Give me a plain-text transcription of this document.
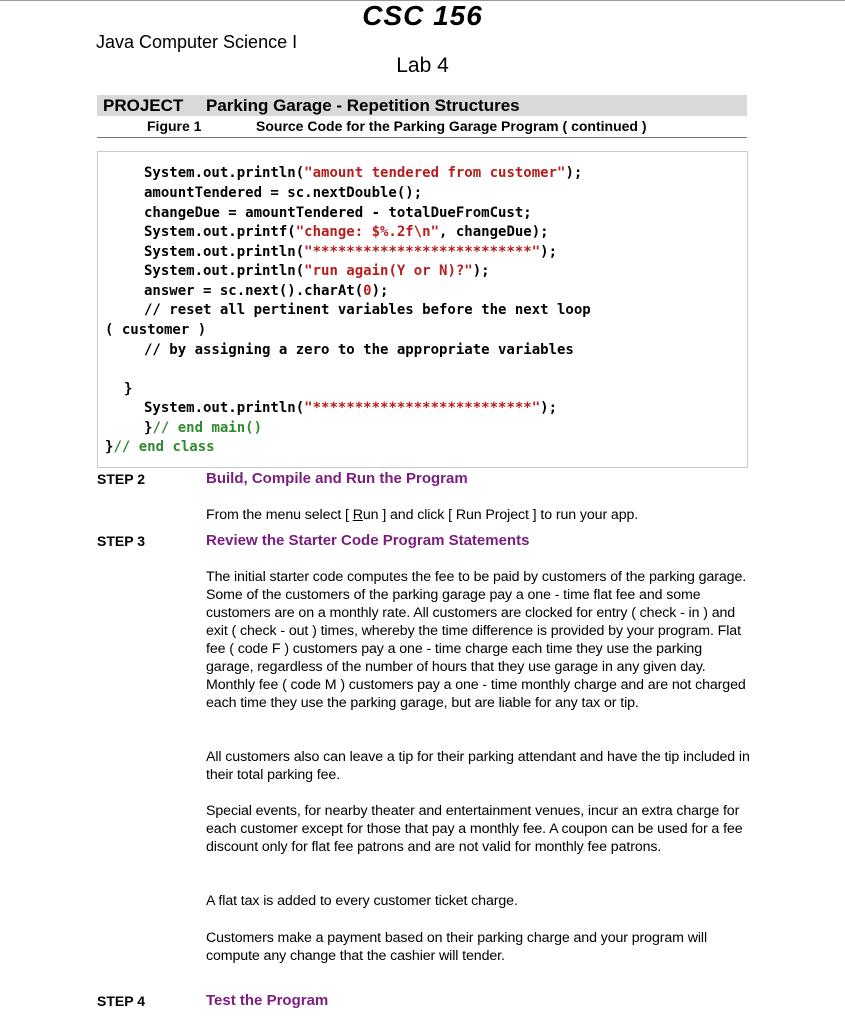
CSC 156
Java Computer Science I
Lab 4
PROJECT Parking Garage - Repetition Structures
Figure 1	Source Code for the Parking Garage Program ( continued )
System.out.println("amount tendered from customer");
amountTendered = sc.nextDouble();
changeDue = amountTendered - totalDueFromCust;
System.out.printf("change: $%.2f\n", changeDue);
System.out.println("**************************");
System.out.println("run again(Y or N)?");
answer = sc.next().charAt(0);
// reset all pertinent variables before the next loop
( customer )
// by assigning a zero to the appropriate variables
}
System.out.println("**************************");
}// end main()
}// end class
STEP 2	Build, Compile and Run the Program

From the menu select [ Run ] and click [ Run Project ] to run your app.

STEP 3	Review the Starter Code Program Statements

The initial starter code computes the fee to be paid by customers of the parking garage. Some of the customers of the parking garage pay a one - time flat fee and some customers are on a monthly rate. All customers are clocked for entry ( check - in ) and exit ( check - out ) times, whereby the time difference is provided by your program. Flat fee ( code F ) customers pay a one - time charge each time they use the parking garage, regardless of the number of hours that they use garage in any given day. Monthly fee ( code M ) customers pay a one - time monthly charge and are not charged each time they use the parking garage, but are liable for any tax or tip.

All customers also can leave a tip for their parking attendant and have the tip included in their total parking fee.

Special events, for nearby theater and entertainment venues, incur an extra charge for each customer except for those that pay a monthly fee. A coupon can be used for a fee discount only for flat fee patrons and are not valid for monthly fee patrons.

A flat tax is added to every customer ticket charge.

Customers make a payment based on their parking charge and your program will compute any change that the cashier will tender.

STEP 4	Test the Program
